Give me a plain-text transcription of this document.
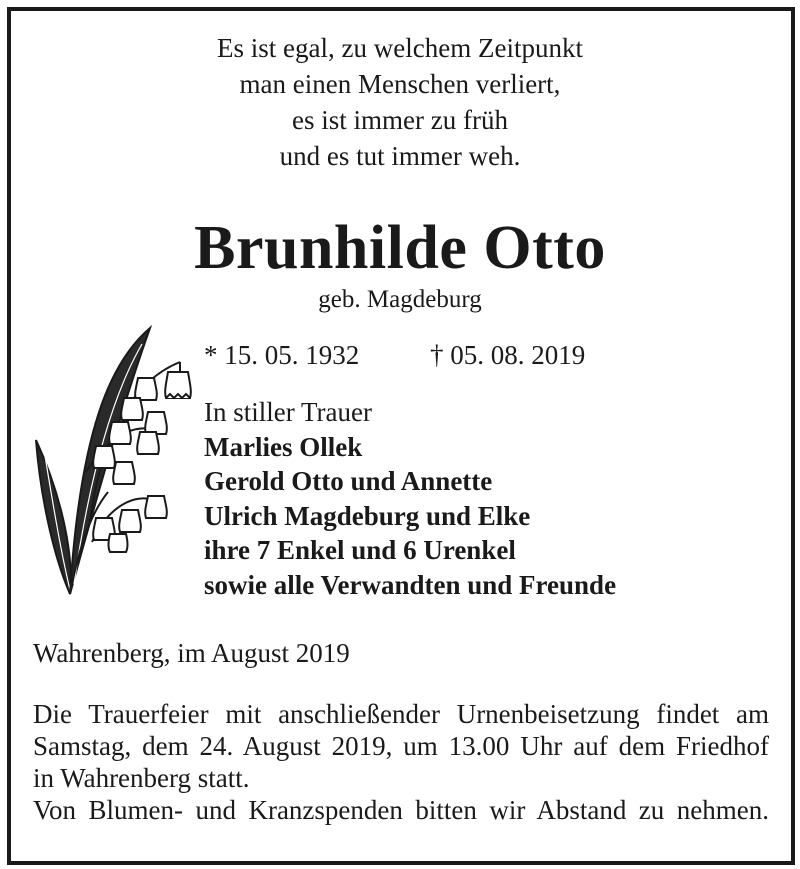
Es ist egal, zu welchem Zeitpunkt
man einen Menschen verliert,
es ist immer zu früh
und es tut immer weh.
Brunhilde Otto
geb. Magdeburg
* 15. 05. 1932	† 05. 08. 2019
In stiller Trauer
Marlies Ollek
Gerold Otto und Annette
Ulrich Magdeburg und Elke
ihre 7 Enkel und 6 Urenkel
sowie alle Verwandten und Freunde
Wahrenberg, im August 2019
Die Trauerfeier mit anschließender Urnenbeisetzung findet am
Samstag, dem 24. August 2019, um 13.00 Uhr auf dem Friedhof
in Wahrenberg statt.
Von Blumen- und Kranzspenden bitten wir Abstand zu nehmen.
